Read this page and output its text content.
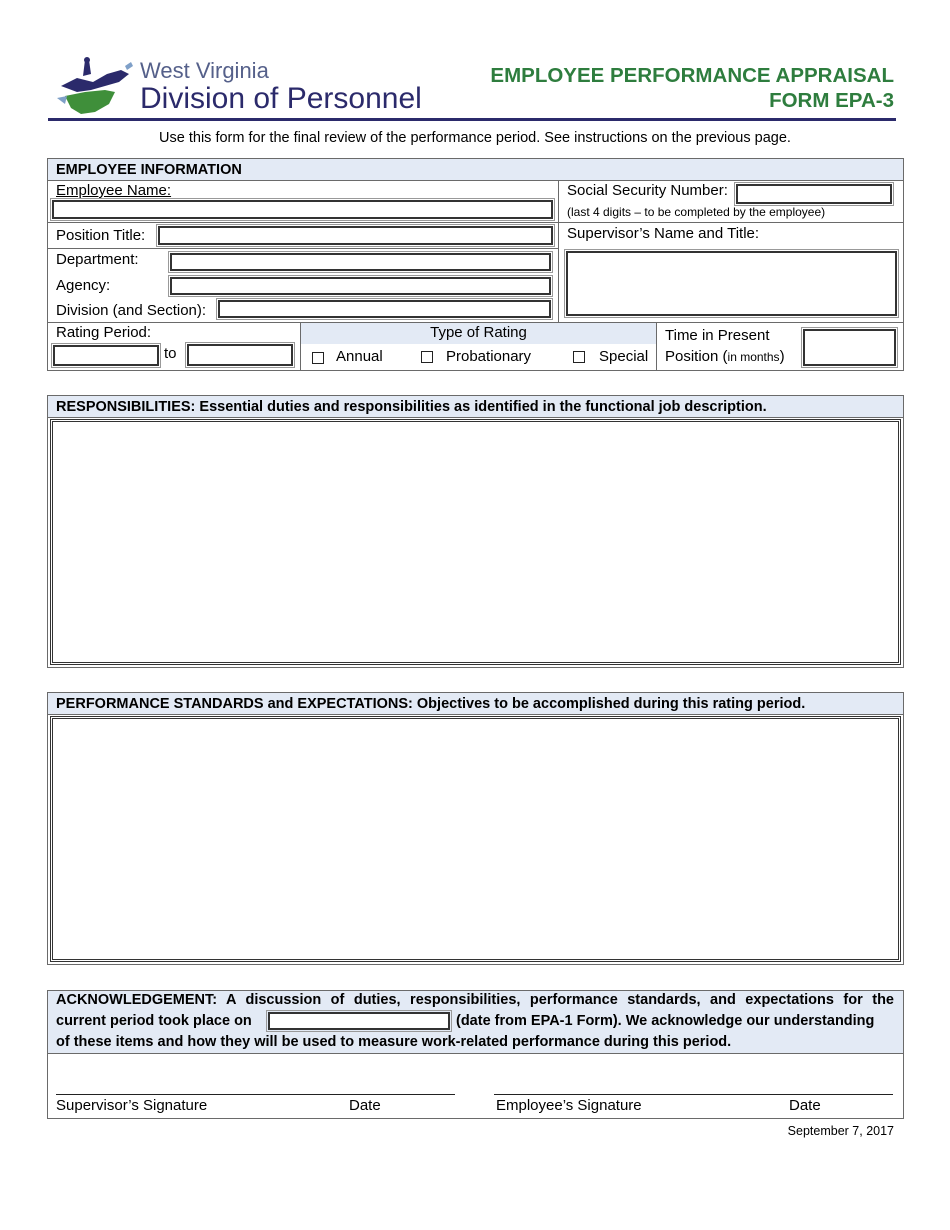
West Virginia
Division of Personnel
EMPLOYEE PERFORMANCE APPRAISAL
FORM EPA-3
Use this form for the final review of the performance period. See instructions on the previous page.
EMPLOYEE INFORMATION
Employee Name:	Social Security Number:
(last 4 digits – to be completed by the employee)
Position Title:	Supervisor’s Name and Title:
Department:
Agency:
Division (and Section):
Rating Period:
to
Type of Rating
Annual	Probationary	Special
Time in Present
Position (in months)
RESPONSIBILITIES: Essential duties and responsibilities as identified in the functional job description.
PERFORMANCE STANDARDS and EXPECTATIONS: Objectives to be accomplished during this rating period.
ACKNOWLEDGEMENT: A discussion of duties, responsibilities, performance standards, and expectations for the
current period took place on	(date from EPA-1 Form). We acknowledge our understanding
of these items and how they will be used to measure work-related performance during this period.
Supervisor’s Signature	Date	Employee’s Signature	Date
September 7, 2017
